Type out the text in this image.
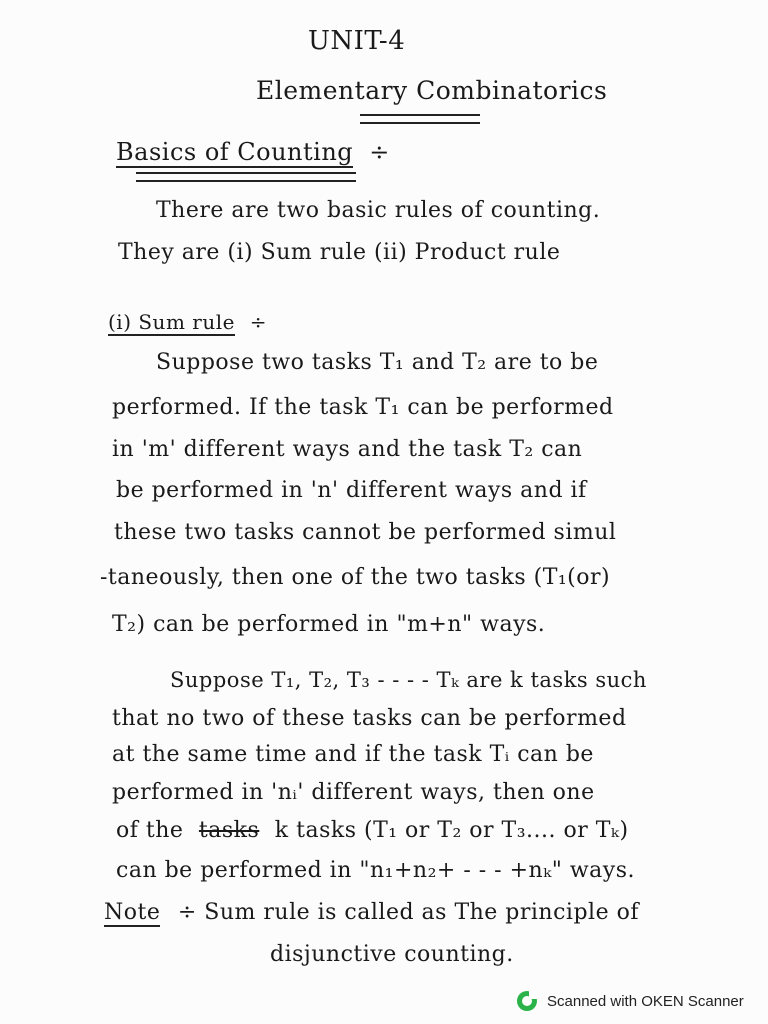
UNIT-4
Elementary Combinatorics
Basics of Counting ÷
There are two basic rules of counting.
They are (i) Sum rule (ii) Product rule
(i) Sum rule ÷
Suppose two tasks T₁ and T₂ are to be
performed. If the task T₁ can be performed
in 'm' different ways and the task T₂ can
be performed in 'n' different ways and if
these two tasks cannot be performed simul
-taneously, then one of the two tasks (T₁(or)
T₂) can be performed in "m+n" ways.
Suppose T₁, T₂, T₃ - - - - Tₖ are k tasks such
that no two of these tasks can be performed
at the same time and if the task Tᵢ can be
performed in 'nᵢ' different ways, then one
of the tasks k tasks (T₁ or T₂ or T₃.... or Tₖ)
can be performed in "n₁+n₂+ - - - +nₖ" ways.
Note ÷ Sum rule is called as The principle of
disjunctive counting.
Scanned with OKEN Scanner
